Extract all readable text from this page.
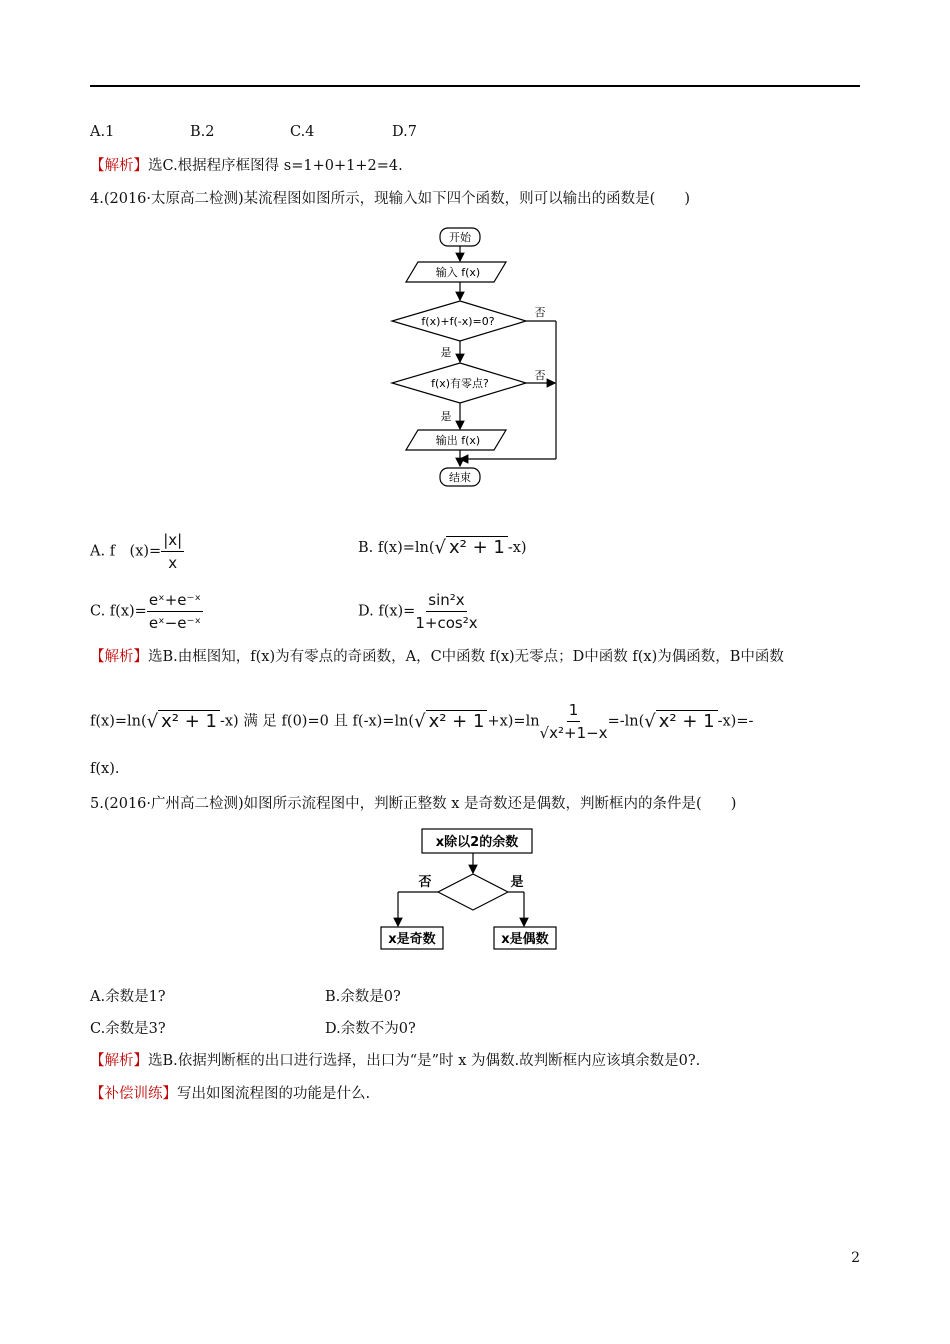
A.1	B.2	C.4	D.7
【解析】选C.根据程序框图得 s=1+0+1+2=4.
4.(2016·太原高二检测)某流程图如图所示，现输入如下四个函数，则可以输出的函数是(　　)
开始
输入 f(x)
f(x)+f(-x)=0?
f(x)有零点?
输出 f(x)
结束
是
是
否
否
A. f　$(x)= \frac{|x|}{x}$	B. f(x)=ln(√ x² + 1 -x)
C. $f(x)= \frac{\text{eˣ+e⁻ˣ}}{\text{eˣ−e⁻ˣ}}$	D. $f(x)= \frac{\text{sin²x}}{\text{1+cos²x}}$
【解析】选B.由框图知，f(x)为有零点的奇函数，A，C中函数 f(x)无零点；D中函数 f(x)为偶函数，B中函数
f(x)=ln(√ x² + 1 -x) 满 足 f(0)=0 且 f(-x)=ln(√ $x^2 + 1 +x)=\ln \frac{1}{\text{√x²+1−x}} =-\ln(√$ x² + 1 -x)=-
f(x).
5.(2016·广州高二检测)如图所示流程图中，判断正整数 x 是奇数还是偶数，判断框内的条件是(　　)
x除以2的余数
否	是
x是奇数	x是偶数
A.余数是1?	B.余数是0?
C.余数是3?	D.余数不为0?
【解析】选B.依据判断框的出口进行选择，出口为“是”时 x 为偶数.故判断框内应该填余数是0?.
【补偿训练】写出如图流程图的功能是什么.
2
